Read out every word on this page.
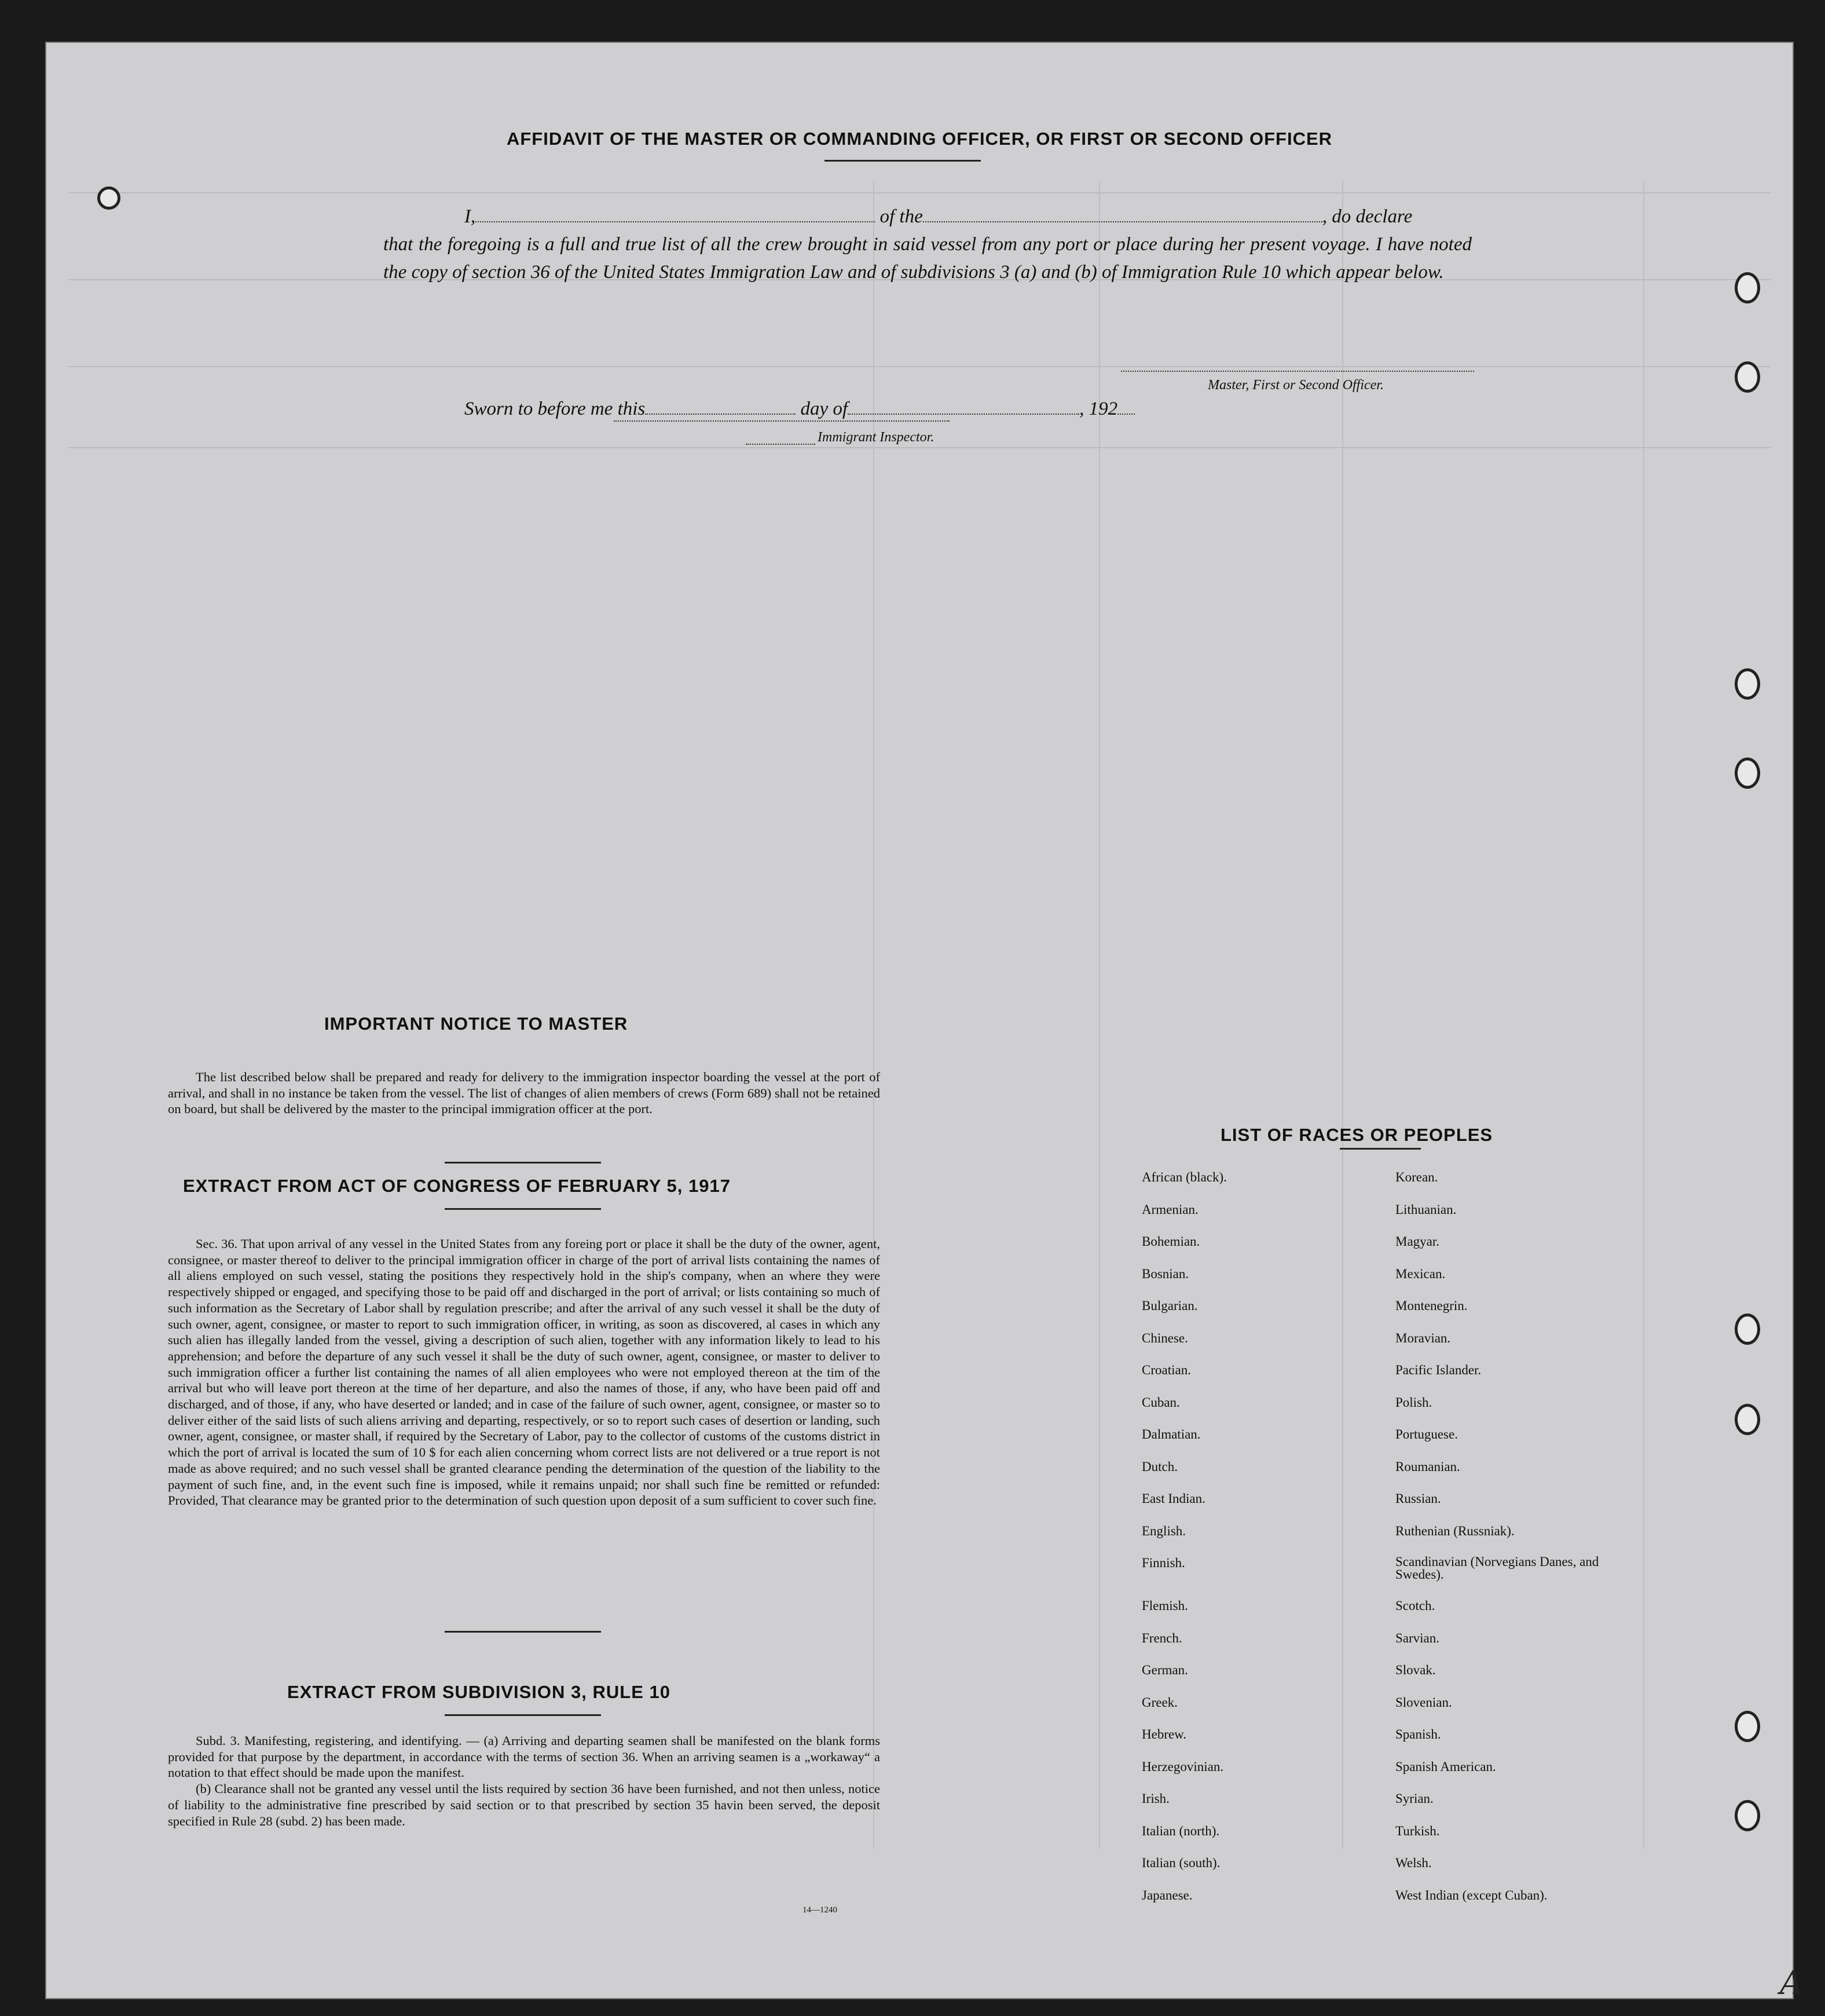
AFFIDAVIT OF THE MASTER OR COMMANDING OFFICER, OR FIRST OR SECOND OFFICER
I,	of the	, do declare
that the foregoing is a full and true list of all the crew brought in said vessel from any port or place during her present voyage. I have noted the copy of section 36 of the United States Immigration Law and of subdivisions 3 (a) and (b) of Immigration Rule 10 which appear below.
Master, First or Second Officer.
Sworn to before me this	day of	, 192
Immigrant Inspector.
IMPORTANT NOTICE TO MASTER

The list described below shall be prepared and ready for delivery to the immigration inspector boarding the vessel at the port of arrival, and shall in no instance be taken from the vessel. The list of changes of alien members of crews (Form 689) shall not be retained on board, but shall be delivered by the master to the principal immigration officer at the port.

EXTRACT FROM ACT OF CONGRESS OF FEBRUARY 5, 1917

Sec. 36. That upon arrival of any vessel in the United States from any foreing port or place it shall be the duty of the owner, agent, consignee, or master thereof to deliver to the principal immigration officer in charge of the port of arrival lists containing the names of all aliens employed on such vessel, stating the positions they respectively hold in the ship's company, when an where they were respectively shipped or engaged, and specifying those to be paid off and discharged in the port of arrival; or lists containing so much of such information as the Secretary of Labor shall by regulation prescribe; and after the arrival of any such vessel it shall be the duty of such owner, agent, consignee, or master to report to such immigration officer, in writing, as soon as discovered, al cases in which any such alien has illegally landed from the vessel, giving a description of such alien, together with any information likely to lead to his apprehension; and before the departure of any such vessel it shall be the duty of such owner, agent, consignee, or master to deliver to such immigration officer a further list containing the names of all alien employees who were not employed thereon at the tim of the arrival but who will leave port thereon at the time of her departure, and also the names of those, if any, who have been paid off and discharged, and of those, if any, who have deserted or landed; and in case of the failure of such owner, agent, consignee, or master so to deliver either of the said lists of such aliens arriving and departing, respectively, or so to report such cases of desertion or landing, such owner, agent, consignee, or master shall, if required by the Secretary of Labor, pay to the collector of customs of the customs district in which the port of arrival is located the sum of 10 $ for each alien concerning whom correct lists are not delivered or a true report is not made as above required; and no such vessel shall be granted clearance pending the determination of the question of the liability to the payment of such fine, and, in the event such fine is imposed, while it remains unpaid; nor shall such fine be remitted or refunded: Provided, That clearance may be granted prior to the determination of such question upon deposit of a sum sufficient to cover such fine.

EXTRACT FROM SUBDIVISION 3, RULE 10

Subd. 3. Manifesting, registering, and identifying. — (a) Arriving and departing seamen shall be manifested on the blank forms provided for that purpose by the department, in accordance with the terms of section 36. When an arriving seamen is a „workaway“ a notation to that effect should be made upon the manifest.

(b) Clearance shall not be granted any vessel until the lists required by section 36 have been furnished, and not then unless, notice of liability to the administrative fine prescribed by said section or to that prescribed by section 35 havin been served, the deposit specified in Rule 28 (subd. 2) has been made.

14—1240
LIST OF RACES OR PEOPLES
African (black).
Armenian.
Bohemian.
Bosnian.
Bulgarian.
Chinese.
Croatian.
Cuban.
Dalmatian.
Dutch.
East Indian.
English.
Finnish.
Flemish.
French.
German.
Greek.
Hebrew.
Herzegovinian.
Irish.
Italian (north).
Italian (south).
Japanese.
Korean.
Lithuanian.
Magyar.
Mexican.
Montenegrin.
Moravian.
Pacific Islander.
Polish.
Portuguese.
Roumanian.
Russian.
Ruthenian (Russniak).
Scandinavian (Norvegians Danes, and Swedes).
Scotch.
Sarvian.
Slovak.
Slovenian.
Spanish.
Spanish American.
Syrian.
Turkish.
Welsh.
West Indian (except Cuban).
A
